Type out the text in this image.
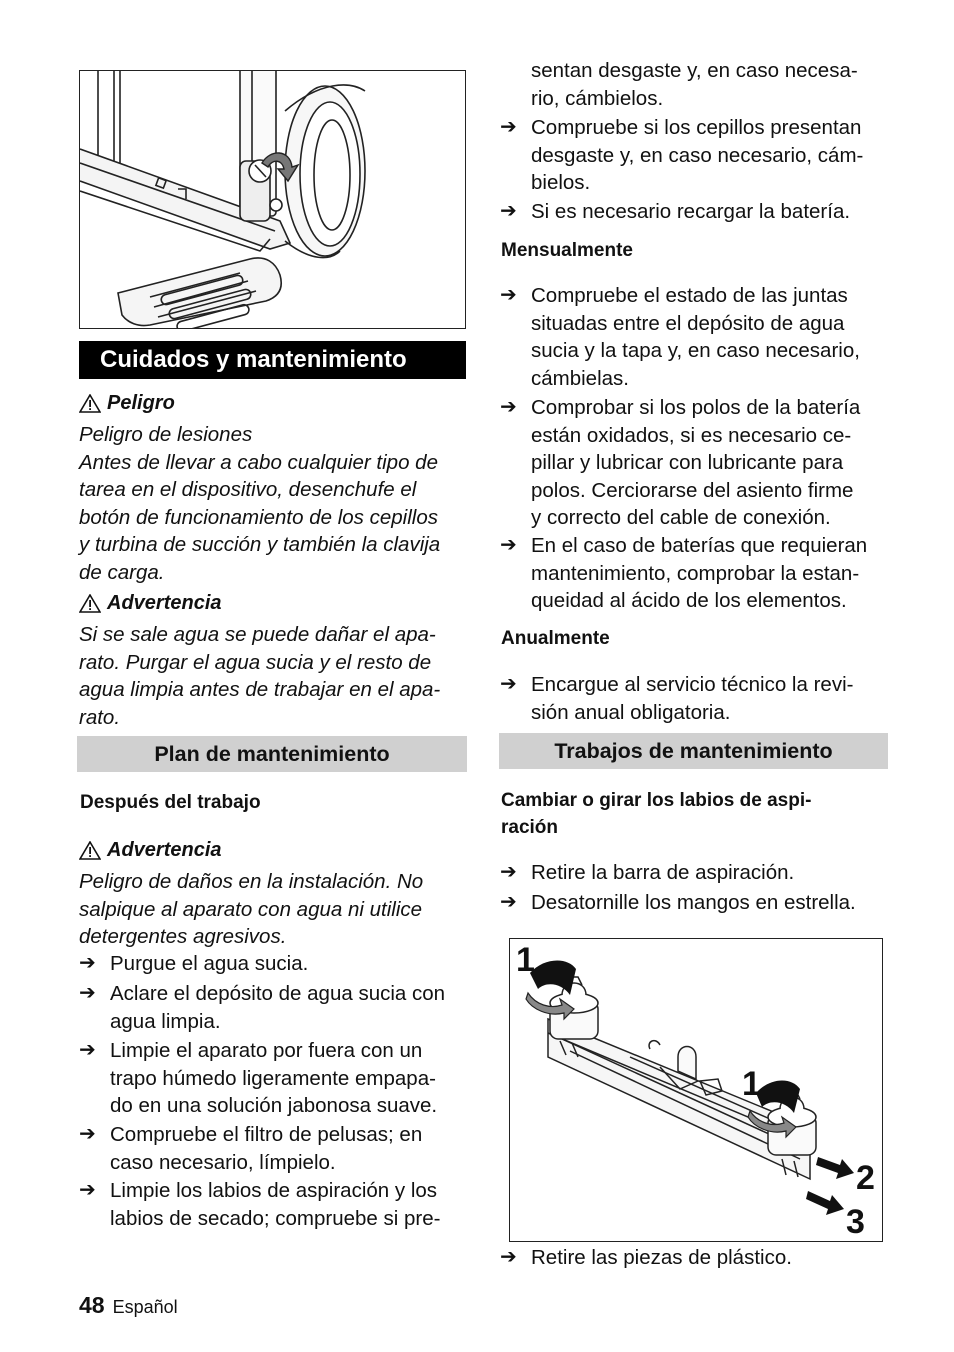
Cuidados y mantenimiento
Peligro
Peligro de lesiones
Antes de llevar a cabo cualquier tipo de
tarea en el dispositivo, desenchufe el
botón de funcionamiento de los cepillos
y turbina de succión y también la clavija
de carga.
Advertencia
Si se sale agua se puede dañar el apa-
rato. Purgar el agua sucia y el resto de
agua limpia antes de trabajar en el apa-
rato.
Plan de mantenimiento
Después del trabajo
Advertencia
Peligro de daños en la instalación. No
salpique al aparato con agua ni utilice
detergentes agresivos.
➔ Purgue el agua sucia.
➔ Aclare el depósito de agua sucia con
agua limpia.
➔ Limpie el aparato por fuera con un
trapo húmedo ligeramente empapa-
do en una solución jabonosa suave.
➔ Compruebe el filtro de pelusas; en
caso necesario, límpielo.
➔ Limpie los labios de aspiración y los
labios de secado; compruebe si pre-
sentan desgaste y, en caso necesa-
rio, cámbielos.
➔ Compruebe si los cepillos presentan
desgaste y, en caso necesario, cám-
bielos.
➔ Si es necesario recargar la batería.
Mensualmente
➔ Compruebe el estado de las juntas
situadas entre el depósito de agua
sucia y la tapa y, en caso necesario,
cámbielas.
➔ Comprobar si los polos de la batería
están oxidados, si es necesario ce-
pillar y lubricar con lubricante para
polos. Cerciorarse del asiento firme
y correcto del cable de conexión.
➔ En el caso de baterías que requieran
mantenimiento, comprobar la estan-
queidad al ácido de los elementos.
Anualmente
➔ Encargue al servicio técnico la revi-
sión anual obligatoria.
Trabajos de mantenimiento
Cambiar o girar los labios de aspi-
ración
➔ Retire la barra de aspiración.
➔ Desatornille los mangos en estrella.
1
1
2
3
➔ Retire las piezas de plástico.
48 Español
